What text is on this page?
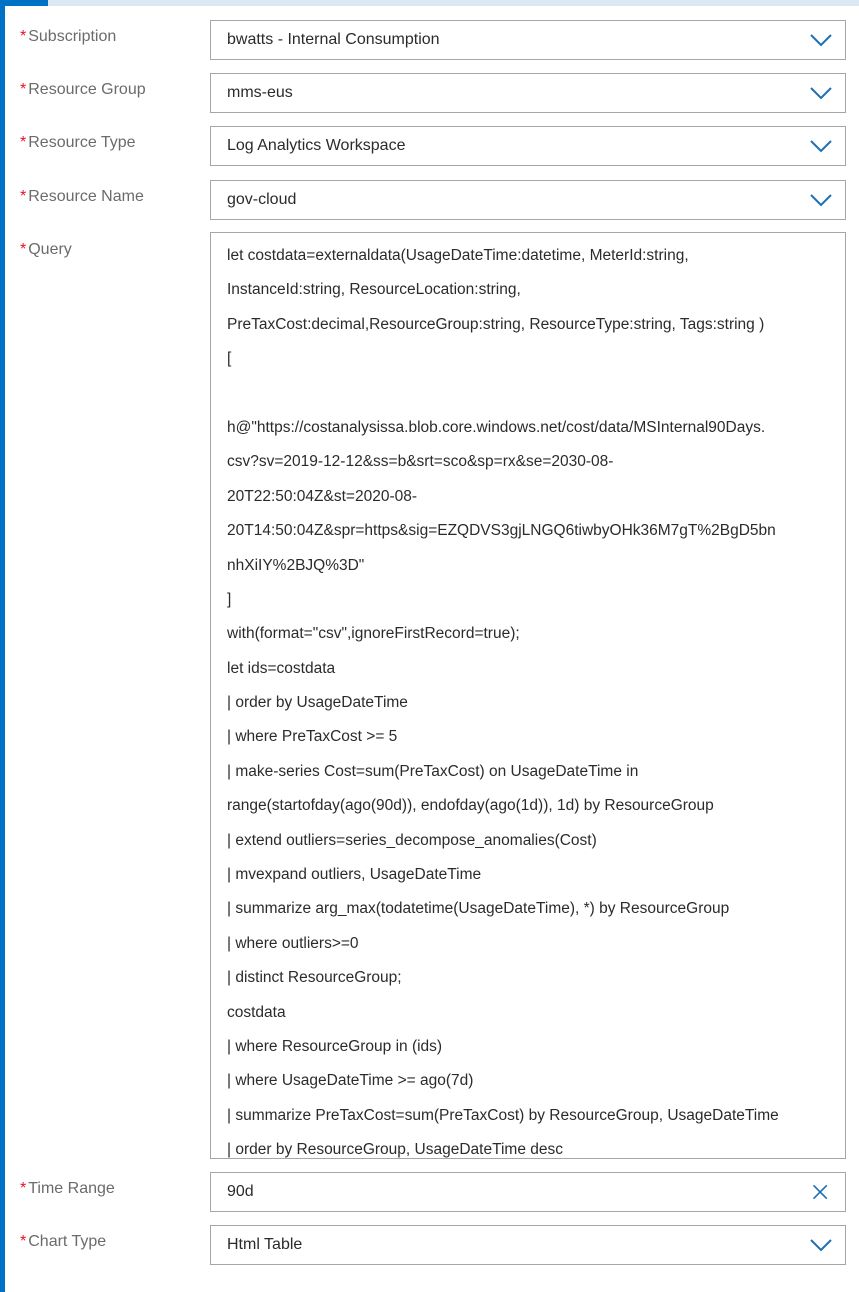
* Subscription	bwatts - Internal Consumption
* Resource Group	mms-eus
* Resource Type	Log Analytics Workspace
* Resource Name	gov-cloud
* Query	let costdata=externaldata(UsageDateTime:datetime, MeterId:string,
InstanceId:string, ResourceLocation:string,
PreTaxCost:decimal,ResourceGroup:string, ResourceType:string, Tags:string )
[
h@"https://costanalysissa.blob.core.windows.net/cost/data/MSInternal90Days.
csv?sv=2019-12-12&ss=b&srt=sco&sp=rx&se=2030-08-
20T22:50:04Z&st=2020-08-
20T14:50:04Z&spr=https&sig=EZQDVS3gjLNGQ6tiwbyOHk36M7gT%2BgD5bn
nhXiIY%2BJQ%3D"
]
with(format="csv",ignoreFirstRecord=true);
let ids=costdata
| order by UsageDateTime
| where PreTaxCost >= 5
| make-series Cost=sum(PreTaxCost) on UsageDateTime in
range(startofday(ago(90d)), endofday(ago(1d)), 1d) by ResourceGroup
| extend outliers=series_decompose_anomalies(Cost)
| mvexpand outliers, UsageDateTime
| summarize arg_max(todatetime(UsageDateTime), *) by ResourceGroup
| where outliers>=0
| distinct ResourceGroup;
costdata
| where ResourceGroup in (ids)
| where UsageDateTime >= ago(7d)
| summarize PreTaxCost=sum(PreTaxCost) by ResourceGroup, UsageDateTime
| order by ResourceGroup, UsageDateTime desc
* Time Range	90d
* Chart Type	Html Table
